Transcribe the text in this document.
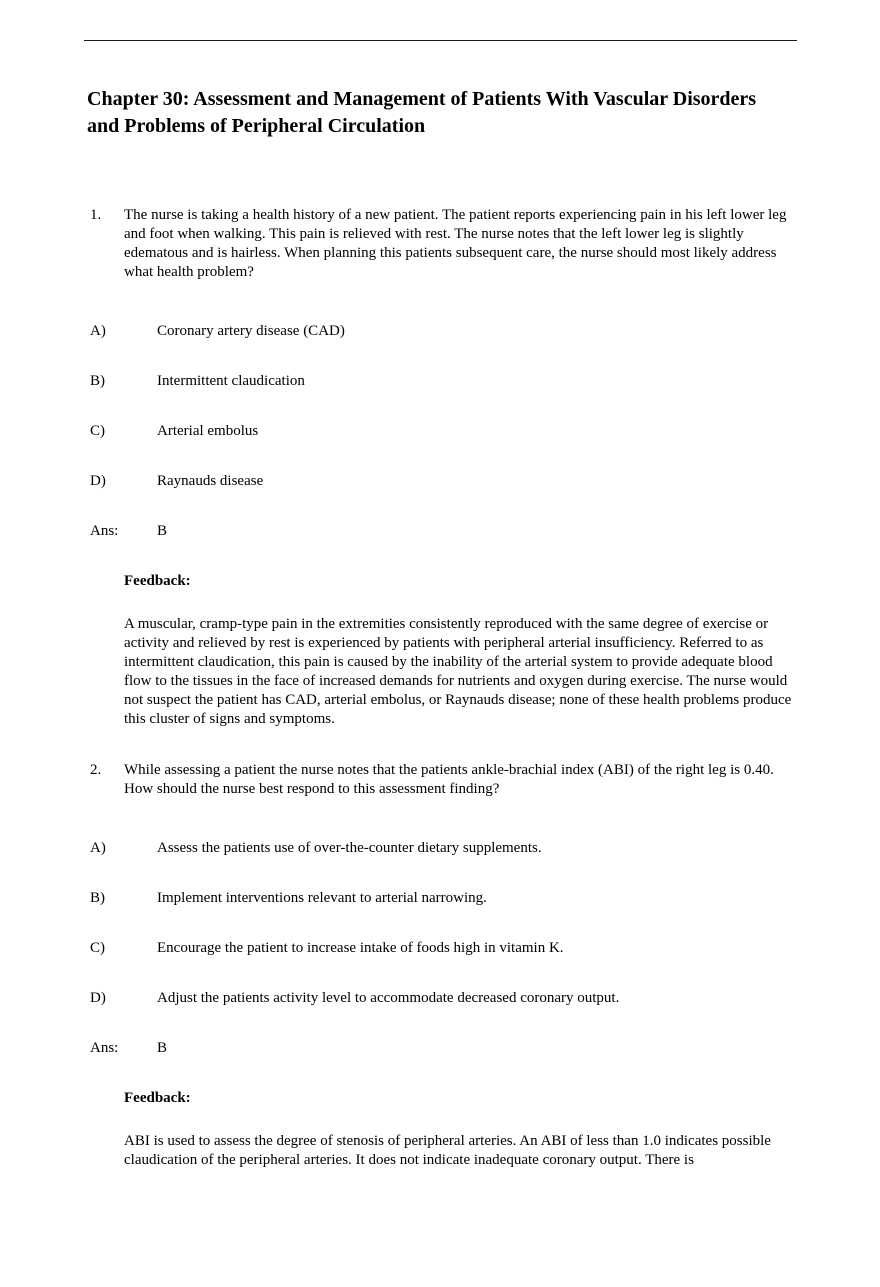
Chapter 30: Assessment and Management of Patients With Vascular Disorders and Problems of Peripheral Circulation
1.	The nurse is taking a health history of a new patient. The patient reports experiencing pain in his left lower leg and foot when walking. This pain is relieved with rest. The nurse notes that the left lower leg is slightly edematous and is hairless. When planning this patients subsequent care, the nurse should most likely address what health problem?
A)	Coronary artery disease (CAD)
B)	Intermittent claudication
C)	Arterial embolus
D)	Raynauds disease
Ans:	B
Feedback:
A muscular, cramp-type pain in the extremities consistently reproduced with the same degree of exercise or activity and relieved by rest is experienced by patients with peripheral arterial insufficiency. Referred to as intermittent claudication, this pain is caused by the inability of the arterial system to provide adequate blood flow to the tissues in the face of increased demands for nutrients and oxygen during exercise. The nurse would not suspect the patient has CAD, arterial embolus, or Raynauds disease; none of these health problems produce this cluster of signs and symptoms.
2.	While assessing a patient the nurse notes that the patients ankle-brachial index (ABI) of the right leg is 0.40. How should the nurse best respond to this assessment finding?
A)	Assess the patients use of over-the-counter dietary supplements.
B)	Implement interventions relevant to arterial narrowing.
C)	Encourage the patient to increase intake of foods high in vitamin K.
D)	Adjust the patients activity level to accommodate decreased coronary output.
Ans:	B
Feedback:
ABI is used to assess the degree of stenosis of peripheral arteries. An ABI of less than 1.0 indicates possible claudication of the peripheral arteries. It does not indicate inadequate coronary output. There is
